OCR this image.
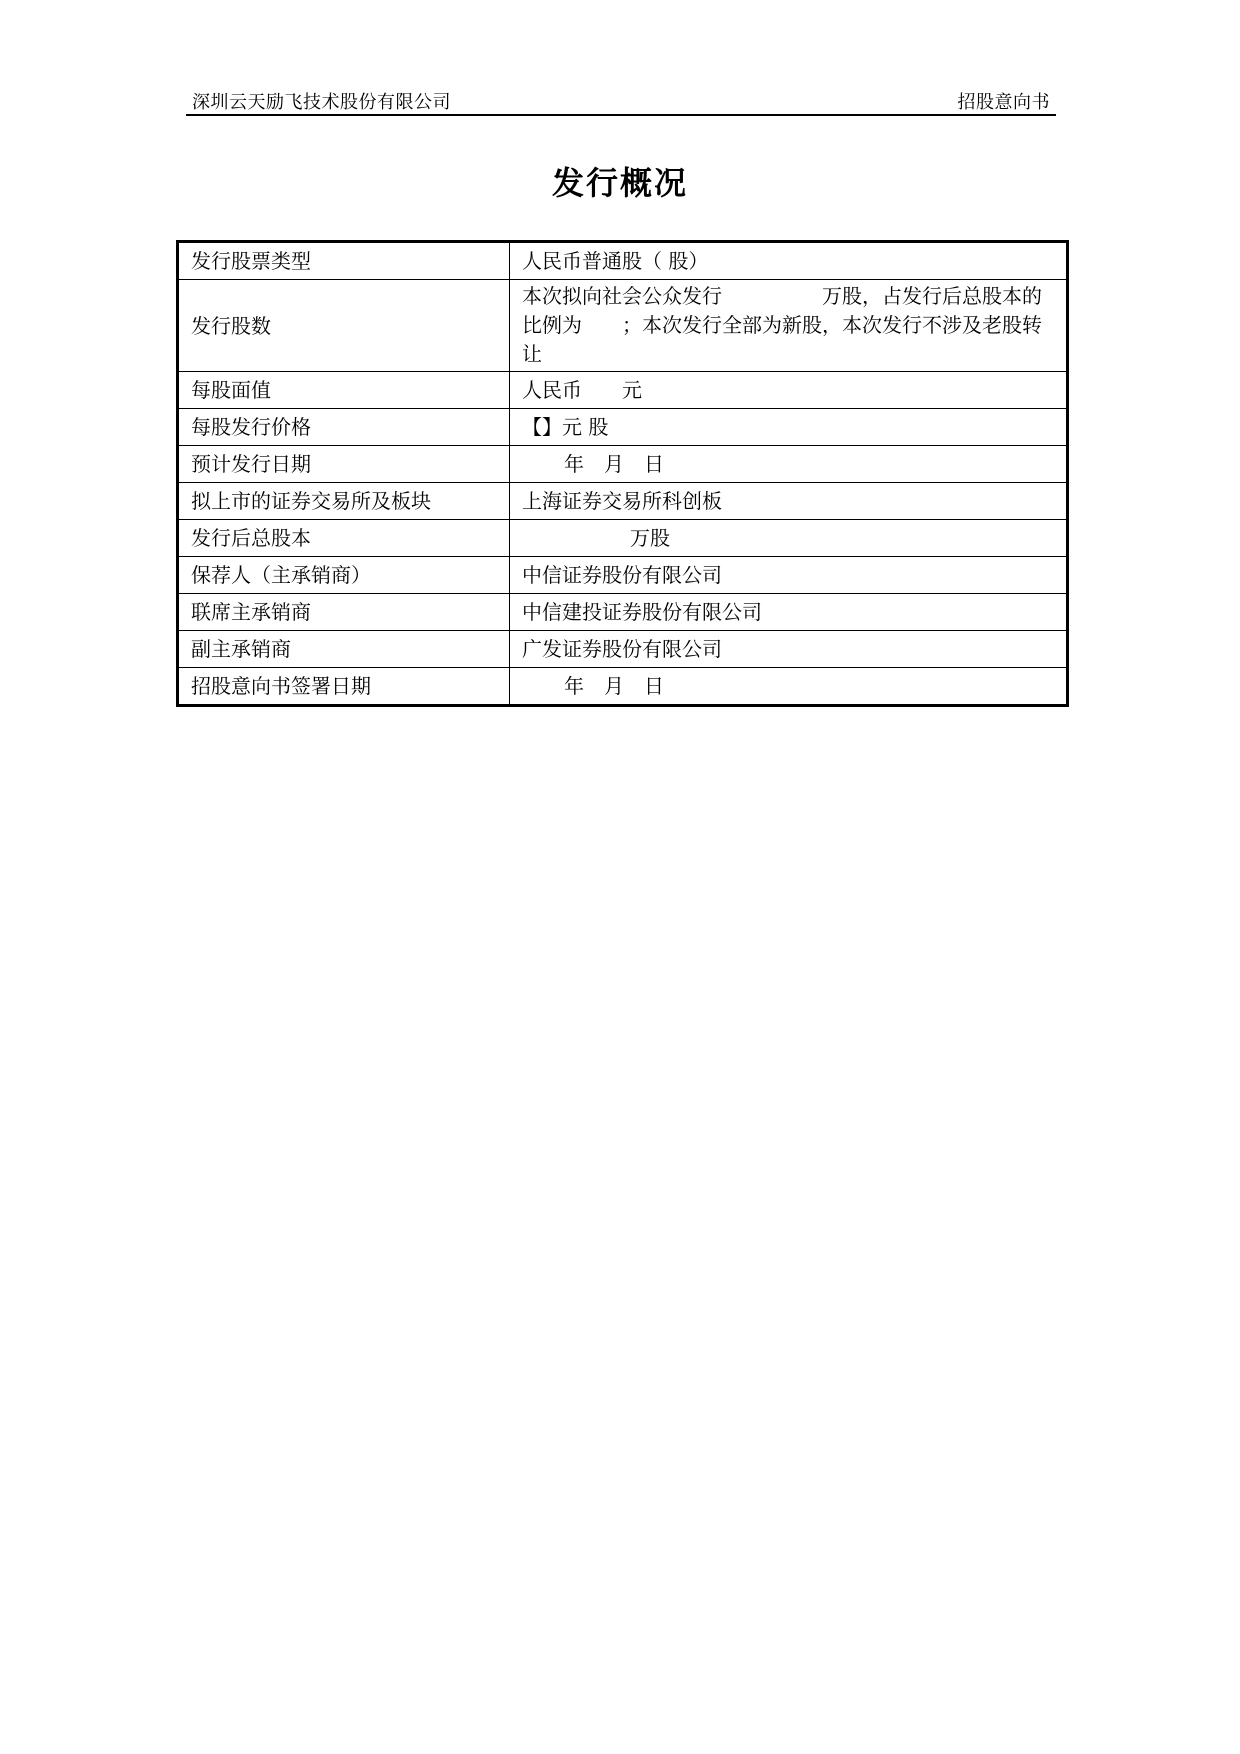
深圳云天励飞技术股份有限公司	招股意向书
发行概况
发行股票类型	人民币普通股（ 股）
发行股数	本次拟向社会公众发行 万股，占发行后总股本的比例为 ；本次发行全部为新股，本次发行不涉及老股转让
每股面值	人民币 元
每股发行价格	【】元 股
预计发行日期	年 月 日
拟上市的证券交易所及板块	上海证券交易所科创板
发行后总股本	万股
保荐人（主承销商）	中信证券股份有限公司
联席主承销商	中信建投证券股份有限公司
副主承销商	广发证券股份有限公司
招股意向书签署日期	年 月 日
